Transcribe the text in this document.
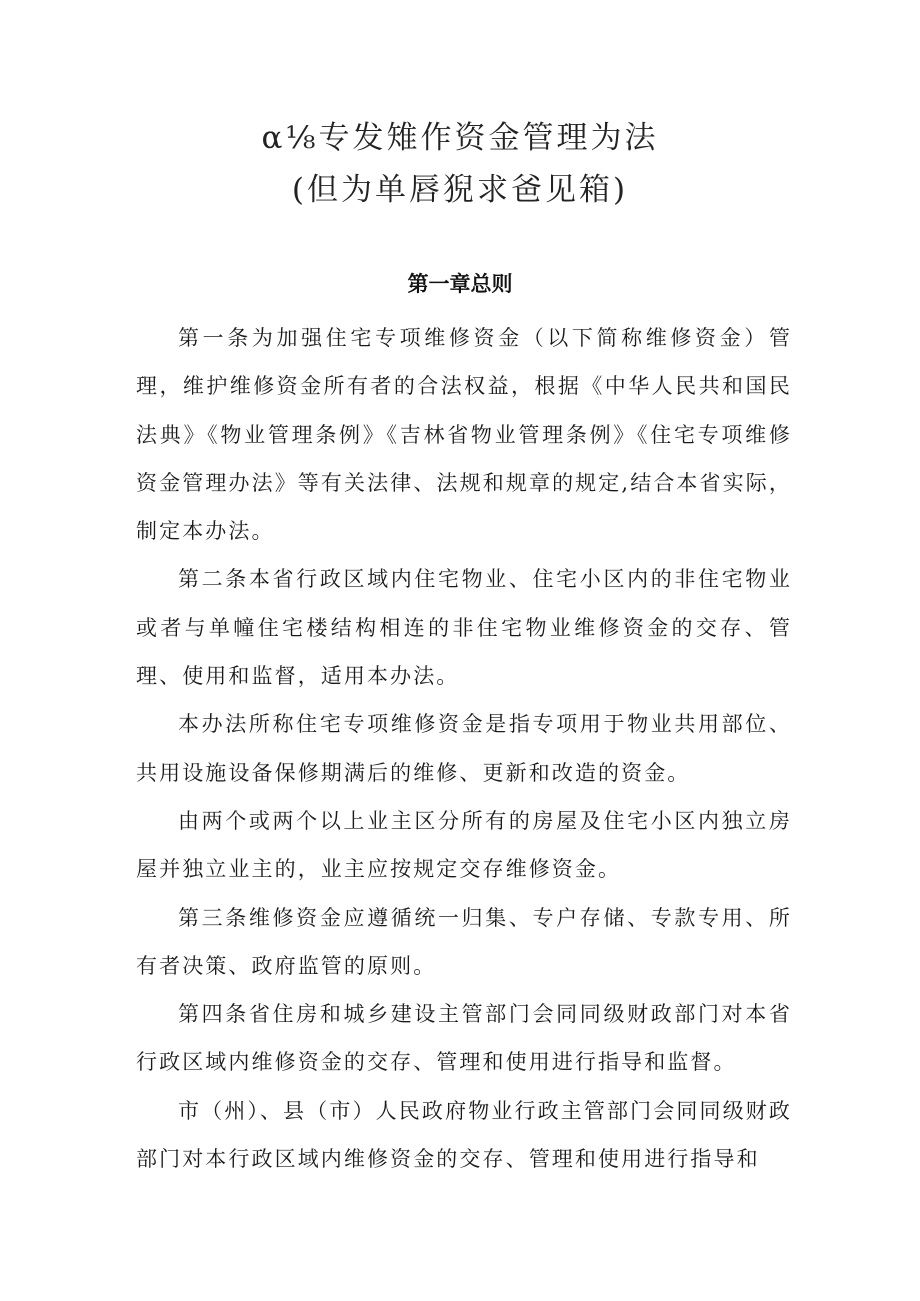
α⅛专发雉作资金管理为法
(但为单唇猊求爸见箱)
第一章总则

第一条为加强住宅专项维修资金（以下简称维修资金）管理，维护维修资金所有者的合法权益，根据《中华人民共和国民法典》《物业管理条例》《吉林省物业管理条例》《住宅专项维修资金管理办法》等有关法律、法规和规章的规定,结合本省实际，制定本办法。

第二条本省行政区域内住宅物业、住宅小区内的非住宅物业或者与单幢住宅楼结构相连的非住宅物业维修资金的交存、管理、使用和监督，适用本办法。

本办法所称住宅专项维修资金是指专项用于物业共用部位、共用设施设备保修期满后的维修、更新和改造的资金。

由两个或两个以上业主区分所有的房屋及住宅小区内独立房屋并独立业主的，业主应按规定交存维修资金。

第三条维修资金应遵循统一归集、专户存储、专款专用、所有者决策、政府监管的原则。

第四条省住房和城乡建设主管部门会同同级财政部门对本省行政区域内维修资金的交存、管理和使用进行指导和监督。

市（州）、县（市）人民政府物业行政主管部门会同同级财政部门对本行政区域内维修资金的交存、管理和使用进行指导和
